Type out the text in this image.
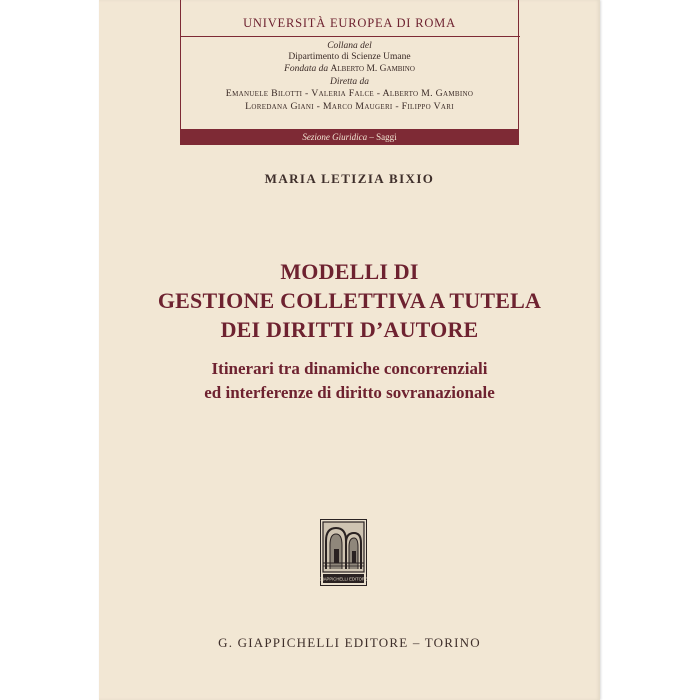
UNIVERSITÀ EUROPEA DI ROMA
Collana del
Dipartimento di Scienze Umane
Fondata da Alberto M. Gambino
Diretta da
Emanuele Bilotti - Valeria Falce - Alberto M. Gambino
Loredana Giani - Marco Maugeri - Filippo Vari
Sezione Giuridica – Saggi
MARIA LETIZIA BIXIO
MODELLI DI
GESTIONE COLLETTIVA A TUTELA
DEI DIRITTI D’AUTORE
Itinerari tra dinamiche concorrenziali
ed interferenze di diritto sovranazionale
GIAPPICHELLI EDITORE
G. GIAPPICHELLI EDITORE – TORINO
